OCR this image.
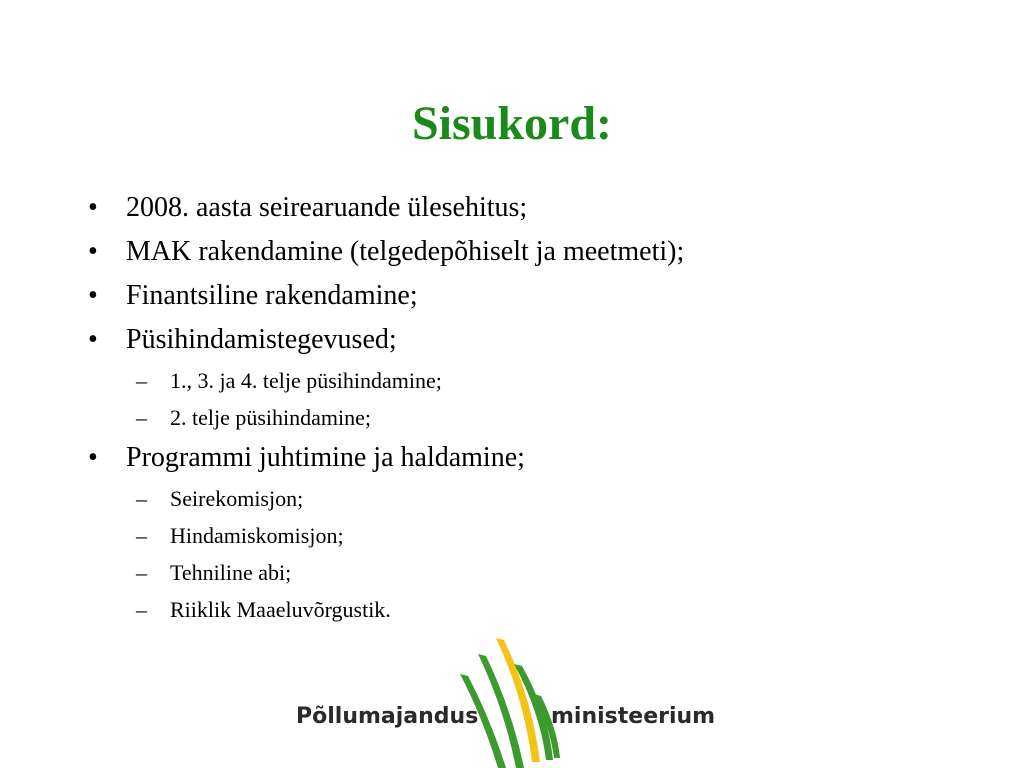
Sisukord:
•	2008. aasta seirearuande ülesehitus;
•	MAK rakendamine (telgedepõhiselt ja meetmeti);
•	Finantsiline rakendamine;
•	Püsihindamistegevused;
– 1., 3. ja 4. telje püsihindamine;
– 2. telje püsihindamine;
•	Programmi juhtimine ja haldamine;
– Seirekomisjon;
– Hindamiskomisjon;
– Tehniline abi;
– Riiklik Maaeluvõrgustik.
Põllumajandus	ministeerium
